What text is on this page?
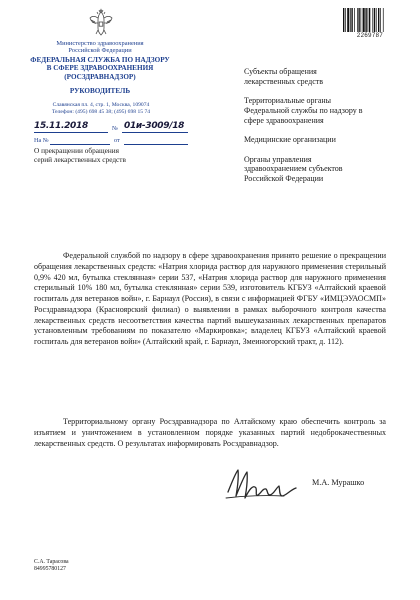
Министерство здравоохранения
Российской Федерации
ФЕДЕРАЛЬНАЯ СЛУЖБА ПО НАДЗОРУ
В СФЕРЕ ЗДРАВООХРАНЕНИЯ
(РОСЗДРАВНАДЗОР)
РУКОВОДИТЕЛЬ
Славянская пл. 4, стр. 1, Москва, 109074
Телефон: (495) 698 45 38; (495) 698 15 74
15.11.2018	№ 01и-3009/18
На №	от
О прекращении обращения
серий лекарственных средств
2269787
Субъекты обращения
лекарственных средств
Территориальные органы
Федеральной службы по надзору в
сфере здравоохранения
Медицинские организации
Органы управления
здравоохранением субъектов
Российской Федерации

Федеральной службой по надзору в сфере здравоохранения принято решение о прекращении обращения лекарственных средств: «Натрия хлорида раствор для наружного применения стерильный 0,9% 420 мл, бутылка стеклянная» серии 537, «Натрия хлорида раствор для наружного применения стерильный 10% 180 мл, бутылка стеклянная» серии 539, изготовитель КГБУЗ «Алтайский краевой госпиталь для ветеранов войн», г. Барнаул (Россия), в связи с информацией ФГБУ «ИМЦЭУАОСМП» Росздравнадзора (Красноярский филиал) о выявлении в рамках выборочного контроля качества лекарственных средств несоответствия качества партий вышеуказанных лекарственных препаратов установленным требованиям по показателю «Маркировка»; владелец КГБУЗ «Алтайский краевой госпиталь для ветеранов войн» (Алтайский край, г. Барнаул, Змеиногорский тракт, д. 112).

Территориальному органу Росздравнадзора по Алтайскому краю обеспечить контроль за изъятием и уничтожением в установленном порядке указанных партий недоброкачественных лекарственных средств. О результатах информировать Росздравнадзор.

М.А. Мурашко
С.А. Тарасова
84995780127
